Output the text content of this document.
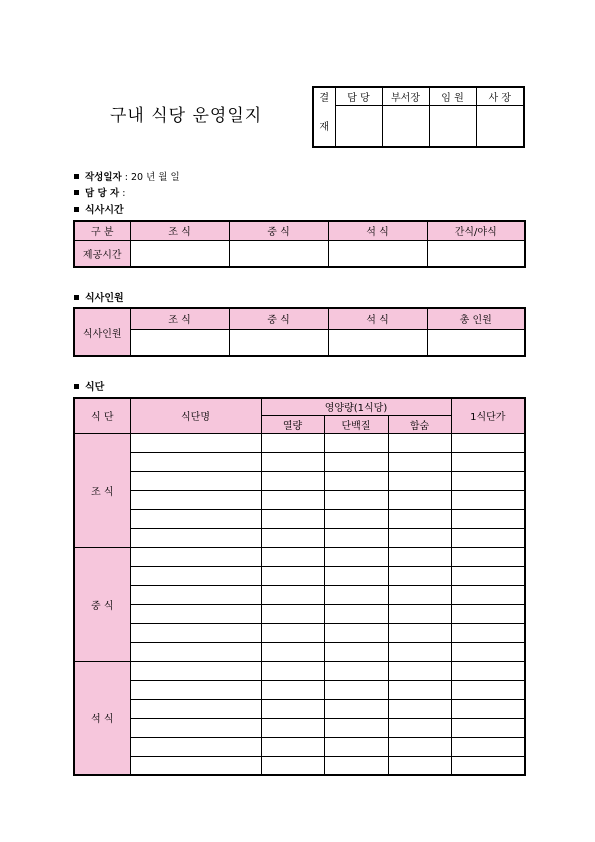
구내 식당 운영일지
결	담 당	부서장	임 원	사 장
재				
작성일자 : 20 년 월 일
담 당 자 :
식사시간
구 분	조 식	중 식	석 식	간식/야식
제공시간				
식사인원
식사인원	조 식	중 식	석 식	총 인원

식단
식 단	식단명	영양량(1식당)			1식단가
		열량	단백질	함숨	
조 식					

중 식					

석 식					
